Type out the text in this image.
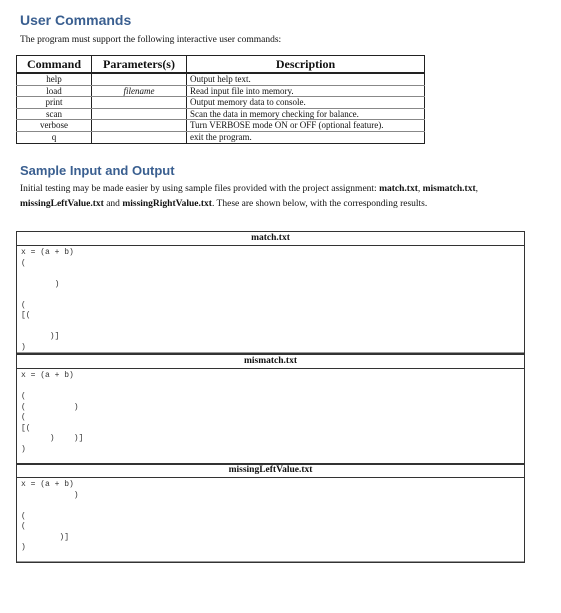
User Commands
The program must support the following interactive user commands:
Command	Parameters(s)	Description
help		Output help text.
load	filename	Read input file into memory.
print		Output memory data to console.
scan		Scan the data in memory checking for balance.
verbose		Turn VERBOSE mode ON or OFF (optional feature).
q		exit the program.
Sample Input and Output
Initial testing may be made easier by using sample files provided with the project assignment: match.txt, mismatch.txt, missingLeftValue.txt and missingRightValue.txt. These are shown below, with the corresponding results.
match.txt
x = (a + b)
(

)

(
[(

)]
)
mismatch.txt
x = (a + b)

(
(          )
(
[(
)    )]
)
missingLeftValue.txt
x = (a + b)
)

(
(
)]
)
